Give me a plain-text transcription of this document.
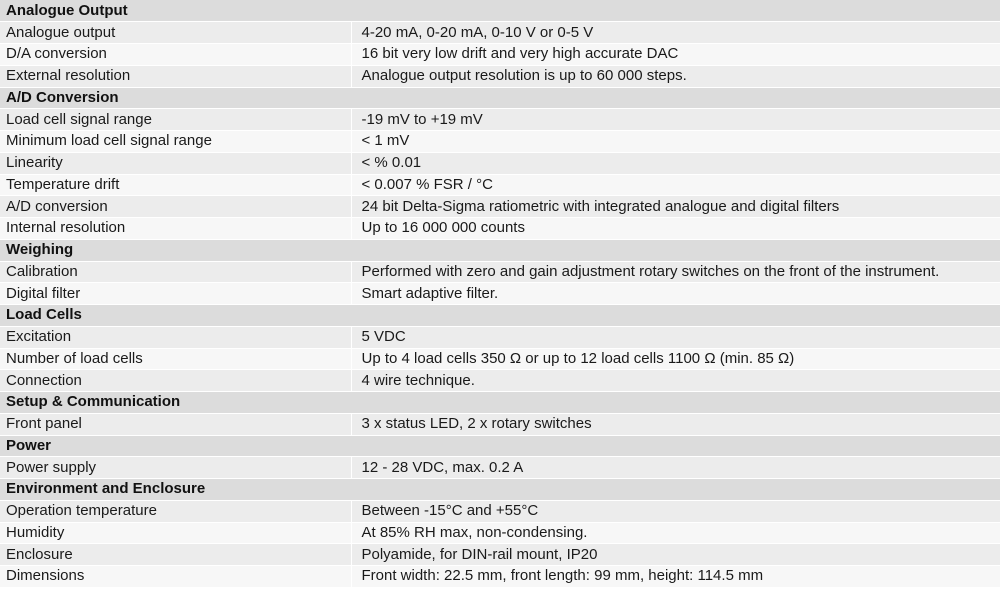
Analogue Output	
Analogue output	4-20 mA, 0-20 mA, 0-10 V or 0-5 V
D/A conversion	16 bit very low drift and very high accurate DAC
External resolution	Analogue output resolution is up to 60 000 steps.
A/D Conversion	
Load cell signal range	-19 mV to +19 mV
Minimum load cell signal range	< 1 mV
Linearity	< % 0.01
Temperature drift	< 0.007 % FSR / °C
A/D conversion	24 bit Delta-Sigma ratiometric with integrated analogue and digital filters
Internal resolution	Up to 16 000 000 counts
Weighing	
Calibration	Performed with zero and gain adjustment rotary switches on the front of the instrument.
Digital filter	Smart adaptive filter.
Load Cells	
Excitation	5 VDC
Number of load cells	Up to 4 load cells 350 Ω or up to 12 load cells 1100 Ω (min. 85 Ω)
Connection	4 wire technique.
Setup & Communication	
Front panel	3 x status LED, 2 x rotary switches
Power	
Power supply	12 - 28 VDC, max. 0.2 A
Environment and Enclosure	
Operation temperature	Between -15°C and +55°C
Humidity	At 85% RH max, non-condensing.
Enclosure	Polyamide, for DIN-rail mount, IP20
Dimensions	Front width: 22.5 mm, front length: 99 mm, height: 114.5 mm
